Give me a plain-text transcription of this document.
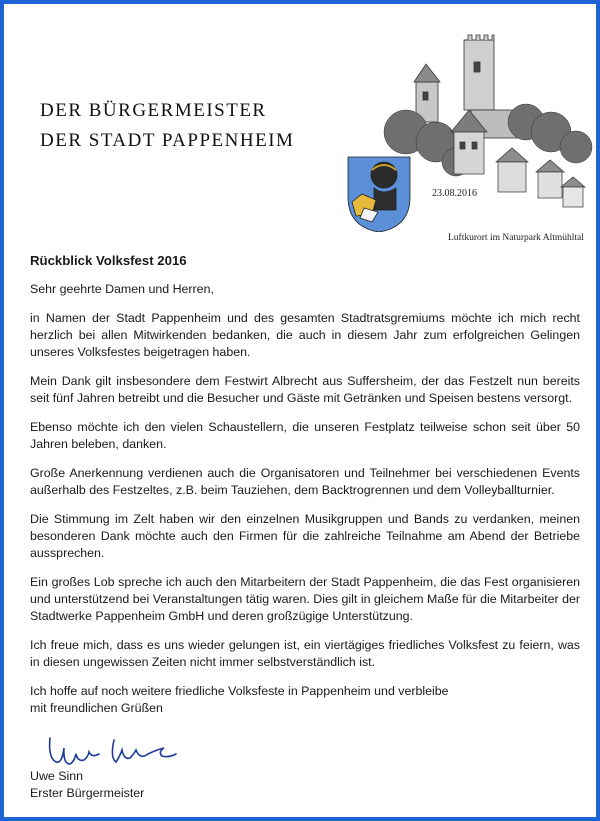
DER BÜRGERMEISTER
DER STADT PAPPENHEIM
23.08.2016
Luftkurort im Naturpark Altmühltal

Rückblick Volksfest 2016

Sehr geehrte Damen und Herren,

in Namen der Stadt Pappenheim und des gesamten Stadtratsgremiums möchte ich mich recht herzlich bei allen Mitwirkenden bedanken, die auch in diesem Jahr zum erfolgreichen Gelingen unseres Volksfestes beigetragen haben.

Mein Dank gilt insbesondere dem Festwirt Albrecht aus Suffersheim, der das Festzelt nun bereits seit fünf Jahren betreibt und die Besucher und Gäste mit Getränken und Speisen bestens versorgt.

Ebenso möchte ich den vielen Schaustellern, die unseren Festplatz teilweise schon seit über 50 Jahren beleben, danken.

Große Anerkennung verdienen auch die Organisatoren und Teilnehmer bei verschiedenen Events außerhalb des Festzeltes, z.B. beim Tauziehen, dem Backtrogrennen und dem Volleyballturnier.

Die Stimmung im Zelt haben wir den einzelnen Musikgruppen und Bands zu verdanken, meinen besonderen Dank möchte auch den Firmen für die zahlreiche Teilnahme am Abend der Betriebe aussprechen.

Ein großes Lob spreche ich auch den Mitarbeitern der Stadt Pappenheim, die das Fest organisieren und unterstützend bei Veranstaltungen tätig waren. Dies gilt in gleichem Maße für die Mitarbeiter der Stadtwerke Pappenheim GmbH und deren großzügige Unterstützung.

Ich freue mich, dass es uns wieder gelungen ist, ein viertägiges friedliches Volksfest zu feiern, was in diesen ungewissen Zeiten nicht immer selbstverständlich ist.

Ich hoffe auf noch weitere friedliche Volksfeste in Pappenheim und verbleibe

mit freundlichen Grüßen

Uwe Sinn
Erster Bürgermeister
